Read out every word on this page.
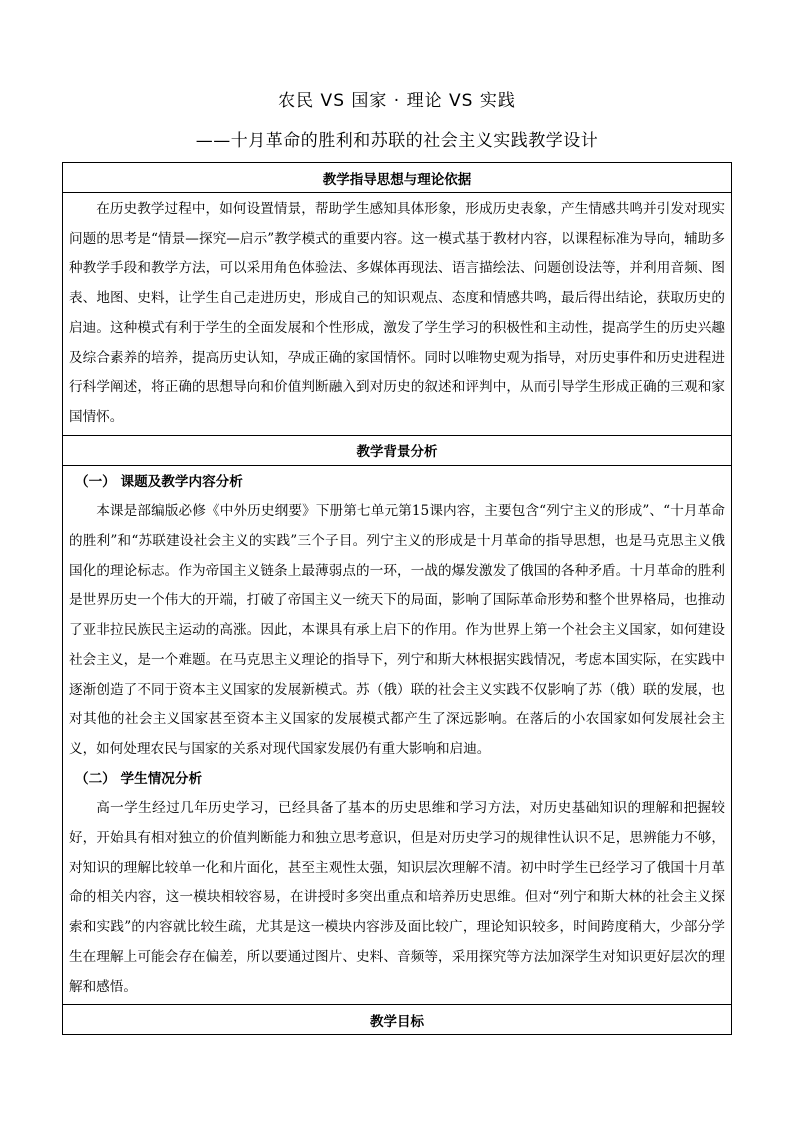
农民 VS 国家 · 理论 VS 实践
——十月革命的胜利和苏联的社会主义实践教学设计
教学指导思想与理论依据

在历史教学过程中，如何设置情景，帮助学生感知具体形象，形成历史表象，产生情感共鸣并引发对现实问题的思考是“情景—探究—启示”教学模式的重要内容。这一模式基于教材内容，以课程标准为导向，辅助多种教学手段和教学方法，可以采用角色体验法、多媒体再现法、语言描绘法、问题创设法等，并利用音频、图表、地图、史料，让学生自己走进历史，形成自己的知识观点、态度和情感共鸣，最后得出结论，获取历史的启迪。这种模式有利于学生的全面发展和个性形成，激发了学生学习的积极性和主动性，提高学生的历史兴趣及综合素养的培养，提高历史认知，孕成正确的家国情怀。同时以唯物史观为指导，对历史事件和历史进程进行科学阐述，将正确的思想导向和价值判断融入到对历史的叙述和评判中，从而引导学生形成正确的三观和家国情怀。

教学背景分析

（一） 课题及教学内容分析

本课是部编版必修《中外历史纲要》下册第七单元第15课内容，主要包含“列宁主义的形成”、“十月革命的胜利”和“苏联建设社会主义的实践”三个子目。列宁主义的形成是十月革命的指导思想，也是马克思主义俄国化的理论标志。作为帝国主义链条上最薄弱点的一环，一战的爆发激发了俄国的各种矛盾。十月革命的胜利是世界历史一个伟大的开端，打破了帝国主义一统天下的局面，影响了国际革命形势和整个世界格局，也推动了亚非拉民族民主运动的高涨。因此，本课具有承上启下的作用。作为世界上第一个社会主义国家，如何建设社会主义，是一个难题。在马克思主义理论的指导下，列宁和斯大林根据实践情况，考虑本国实际，在实践中逐渐创造了不同于资本主义国家的发展新模式。苏（俄）联的社会主义实践不仅影响了苏（俄）联的发展，也对其他的社会主义国家甚至资本主义国家的发展模式都产生了深远影响。在落后的小农国家如何发展社会主义，如何处理农民与国家的关系对现代国家发展仍有重大影响和启迪。

（二） 学生情况分析

高一学生经过几年历史学习，已经具备了基本的历史思维和学习方法，对历史基础知识的理解和把握较好，开始具有相对独立的价值判断能力和独立思考意识，但是对历史学习的规律性认识不足，思辨能力不够，对知识的理解比较单一化和片面化，甚至主观性太强，知识层次理解不清。初中时学生已经学习了俄国十月革命的相关内容，这一模块相较容易，在讲授时多突出重点和培养历史思维。但对“列宁和斯大林的社会主义探索和实践”的内容就比较生疏，尤其是这一模块内容涉及面比较广，理论知识较多，时间跨度稍大，少部分学生在理解上可能会存在偏差，所以要通过图片、史料、音频等，采用探究等方法加深学生对知识更好层次的理解和感悟。

教学目标
